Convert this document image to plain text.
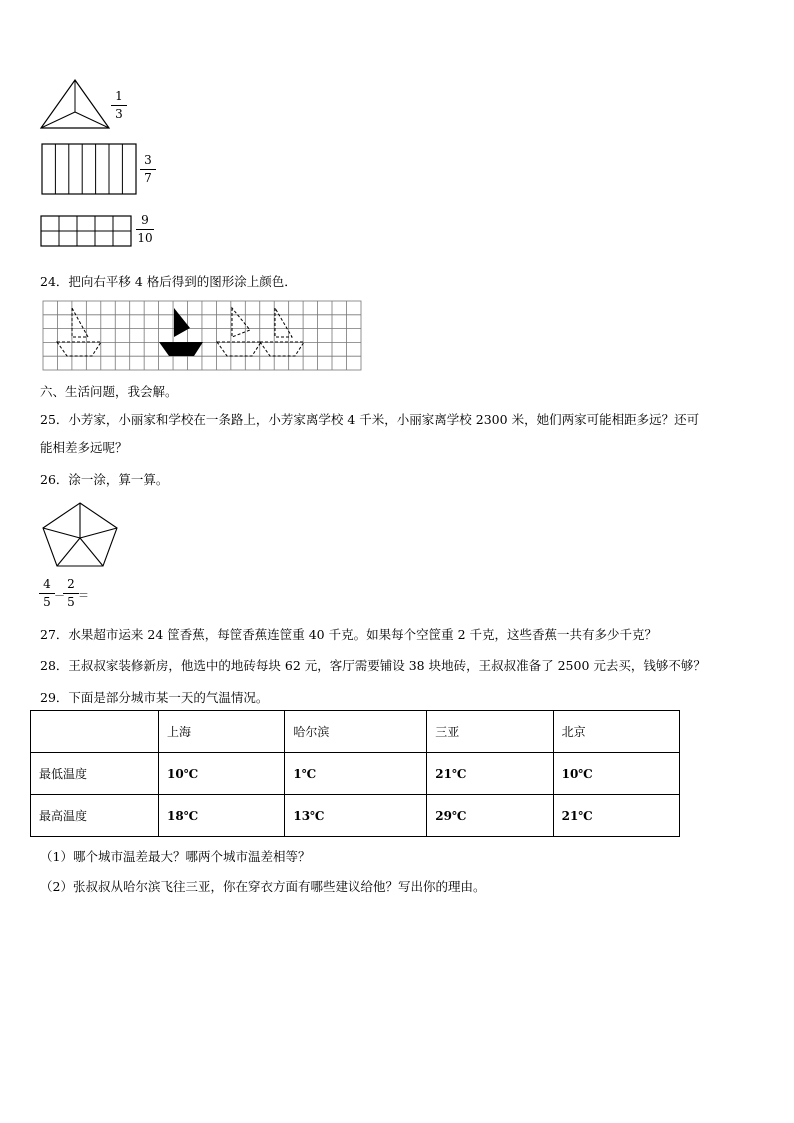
1
3
3
7
9
10
24．把向右平移 4 格后得到的图形涂上颜色．
六、生活问题，我会解。
25．小芳家，小丽家和学校在一条路上，小芳家离学校 4 千米，小丽家离学校 2300 米，她们两家可能相距多远？还可
能相差多远呢？
26．涂一涂，算一算。
4
5 －
2
5 ＝
27．水果超市运来 24 筐香蕉，每筐香蕉连筐重 40 千克。如果每个空筐重 2 千克，这些香蕉一共有多少千克？
28．王叔叔家装修新房，他选中的地砖每块 62 元，客厅需要铺设 38 块地砖，王叔叔准备了 2500 元去买，钱够不够？
29．下面是部分城市某一天的气温情况。
	上海	哈尔滨	三亚	北京
最低温度	10℃	1℃	21℃	10℃
最高温度	18℃	13℃	29℃	21℃
（1）哪个城市温差最大？哪两个城市温差相等？
（2）张叔叔从哈尔滨飞往三亚，你在穿衣方面有哪些建议给他？写出你的理由。
